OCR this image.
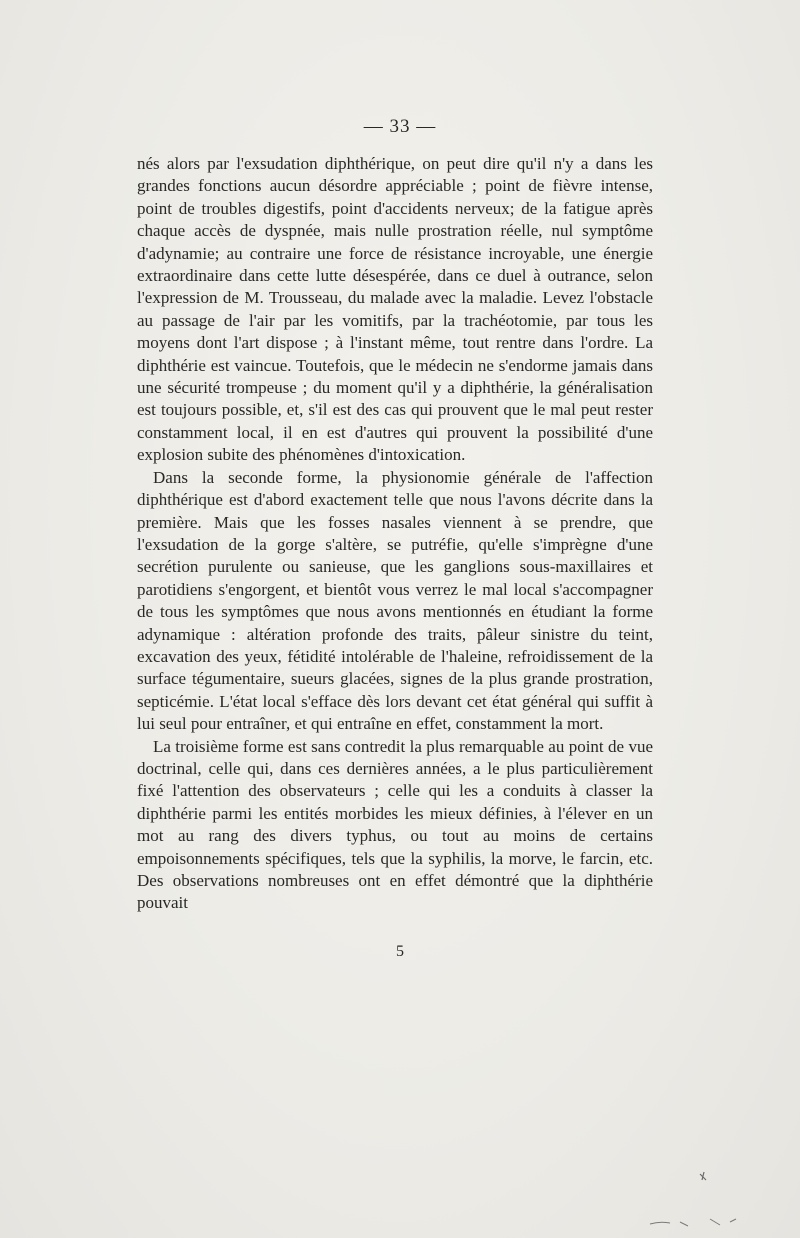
— 33 —

nés alors par l'exsudation diphthérique, on peut dire qu'il n'y a dans les grandes fonctions aucun désordre appréciable ; point de fièvre intense, point de troubles digestifs, point d'accidents nerveux; de la fatigue après chaque accès de dyspnée, mais nulle prostration réelle, nul symptôme d'adynamie; au contraire une force de résistance incroyable, une énergie extraordinaire dans cette lutte désespérée, dans ce duel à outrance, selon l'expression de M. Trousseau, du malade avec la maladie. Levez l'obstacle au passage de l'air par les vomitifs, par la trachéotomie, par tous les moyens dont l'art dispose ; à l'instant même, tout rentre dans l'ordre. La diphthérie est vaincue. Toutefois, que le médecin ne s'endorme jamais dans une sécurité trompeuse ; du moment qu'il y a diphthérie, la généralisation est toujours possible, et, s'il est des cas qui prouvent que le mal peut rester constamment local, il en est d'autres qui prouvent la possibilité d'une explosion subite des phénomènes d'intoxication.

Dans la seconde forme, la physionomie générale de l'affection diphthérique est d'abord exactement telle que nous l'avons décrite dans la première. Mais que les fosses nasales viennent à se prendre, que l'exsudation de la gorge s'altère, se putréfie, qu'elle s'imprègne d'une secrétion purulente ou sanieuse, que les ganglions sous-maxillaires et parotidiens s'engorgent, et bientôt vous verrez le mal local s'accompagner de tous les symptômes que nous avons mentionnés en étudiant la forme adynamique : altération profonde des traits, pâleur sinistre du teint, excavation des yeux, fétidité intolérable de l'haleine, refroidissement de la surface tégumentaire, sueurs glacées, signes de la plus grande prostration, septicémie. L'état local s'efface dès lors devant cet état général qui suffit à lui seul pour entraîner, et qui entraîne en effet, constamment la mort.

La troisième forme est sans contredit la plus remarquable au point de vue doctrinal, celle qui, dans ces dernières années, a le plus particulièrement fixé l'attention des observateurs ; celle qui les a conduits à classer la diphthérie parmi les entités morbides les mieux définies, à l'élever en un mot au rang des divers typhus, ou tout au moins de certains empoisonnements spécifiques, tels que la syphilis, la morve, le farcin, etc. Des observations nombreuses ont en effet démontré que la diphthérie pouvait

5
